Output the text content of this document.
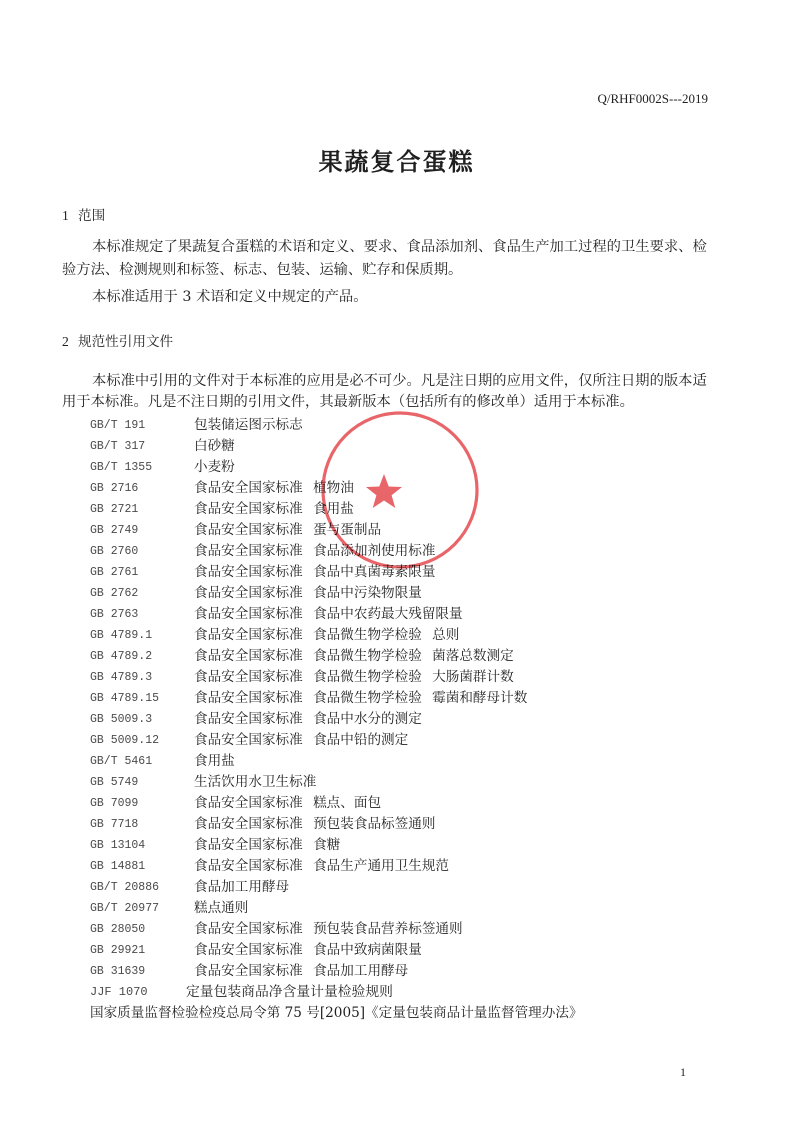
Q/RHF0002S---2019
果蔬复合蛋糕
1 范围
本标准规定了果蔬复合蛋糕的术语和定义、要求、食品添加剂、食品生产加工过程的卫生要求、检
验方法、检测规则和标签、标志、包装、运输、贮存和保质期。
本标准适用于 3 术语和定义中规定的产品。
2 规范性引用文件
本标准中引用的文件对于本标准的应用是必不可少。凡是注日期的应用文件，仅所注日期的版本适
用于本标准。凡是不注日期的引用文件，其最新版本（包括所有的修改单）适用于本标准。
GB/T 191	包装储运图示标志
GB/T 317	白砂糖
GB/T 1355	小麦粉
GB 2716	食品安全国家标准 植物油
GB 2721	食品安全国家标准 食用盐
GB 2749	食品安全国家标准 蛋与蛋制品
GB 2760	食品安全国家标准 食品添加剂使用标准
GB 2761	食品安全国家标准 食品中真菌毒素限量
GB 2762	食品安全国家标准 食品中污染物限量
GB 2763	食品安全国家标准 食品中农药最大残留限量
GB 4789.1	食品安全国家标准 食品微生物学检验 总则
GB 4789.2	食品安全国家标准 食品微生物学检验 菌落总数测定
GB 4789.3	食品安全国家标准 食品微生物学检验 大肠菌群计数
GB 4789.15	食品安全国家标准 食品微生物学检验 霉菌和酵母计数
GB 5009.3	食品安全国家标准 食品中水分的测定
GB 5009.12	食品安全国家标准 食品中铅的测定
GB/T 5461	食用盐
GB 5749	生活饮用水卫生标准
GB 7099	食品安全国家标准 糕点、面包
GB 7718	食品安全国家标准 预包装食品标签通则
GB 13104	食品安全国家标准 食糖
GB 14881	食品安全国家标准 食品生产通用卫生规范
GB/T 20886	食品加工用酵母
GB/T 20977	糕点通则
GB 28050	食品安全国家标准 预包装食品营养标签通则
GB 29921	食品安全国家标准 食品中致病菌限量
GB 31639	食品安全国家标准 食品加工用酵母
JJF 1070	定量包装商品净含量计量检验规则
国家质量监督检验检疫总局令第 75 号[2005]《定量包装商品计量监督管理办法》
1
